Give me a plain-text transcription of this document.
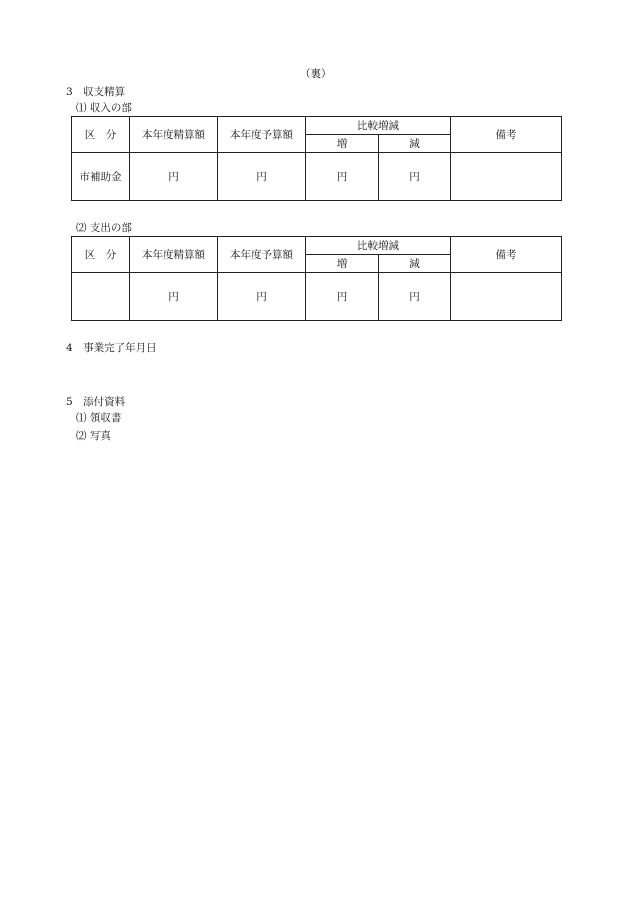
（裏）
3　収支精算
⑴ 収入の部
区　分	本年度精算額	本年度予算額	比較増減		備考
			増	減	
市補助金	円	円	円	円	
⑵ 支出の部
区　分	本年度精算額	本年度予算額	比較増減		備考
			増	減	
	円	円	円	円	
4　事業完了年月日
5　添付資料
⑴ 領収書
⑵ 写真
